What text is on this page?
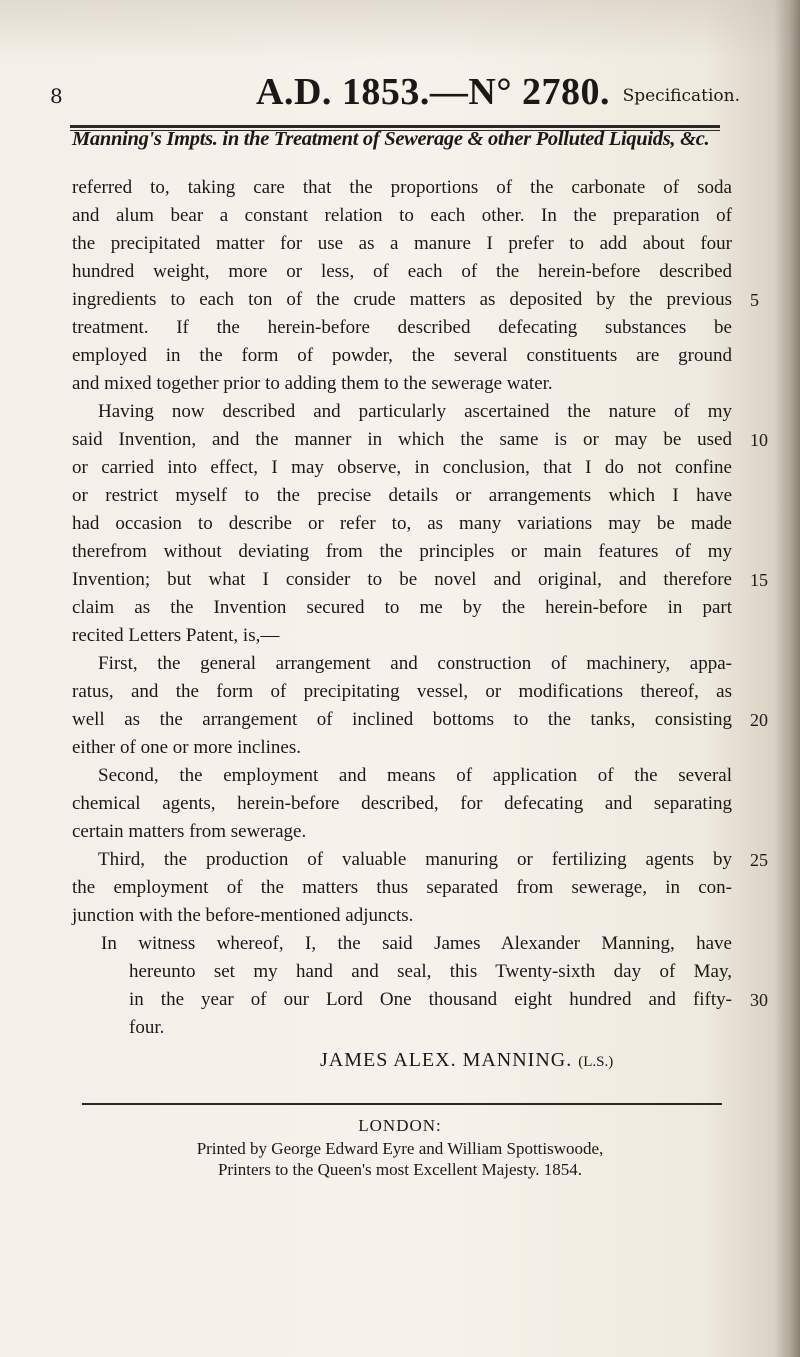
8	A.D. 1853.—N° 2780. Specification.
Manning's Impts. in the Treatment of Sewerage & other Polluted Liquids, &c.
referred to, taking care that the proportions of the carbonate of soda
and alum bear a constant relation to each other. In the preparation of
the precipitated matter for use as a manure I prefer to add about four
hundred weight, more or less, of each of the herein-before described
ingredients to each ton of the crude matters as deposited by the previous
treatment. If the herein-before described defecating substances be
employed in the form of powder, the several constituents are ground
and mixed together prior to adding them to the sewerage water.
Having now described and particularly ascertained the nature of my
said Invention, and the manner in which the same is or may be used
or carried into effect, I may observe, in conclusion, that I do not confine
or restrict myself to the precise details or arrangements which I have
had occasion to describe or refer to, as many variations may be made
therefrom without deviating from the principles or main features of my
Invention; but what I consider to be novel and original, and therefore
claim as the Invention secured to me by the herein-before in part
recited Letters Patent, is,—
First, the general arrangement and construction of machinery, appa-
ratus, and the form of precipitating vessel, or modifications thereof, as
well as the arrangement of inclined bottoms to the tanks, consisting
either of one or more inclines.
Second, the employment and means of application of the several
chemical agents, herein-before described, for defecating and separating
certain matters from sewerage.
Third, the production of valuable manuring or fertilizing agents by
the employment of the matters thus separated from sewerage, in con-
junction with the before-mentioned adjuncts.
5
10
15
20
25
JAMES ALEX. MANNING. (L.S.)
LONDON:
Printed by George Edward Eyre and William Spottiswoode,
Printers to the Queen's most Excellent Majesty. 1854.
In witness whereof, I, the said James Alexander Manning, have
hereunto set my hand and seal, this Twenty-sixth day of May,
in the year of our Lord One thousand eight hundred and fifty-
four.
30
